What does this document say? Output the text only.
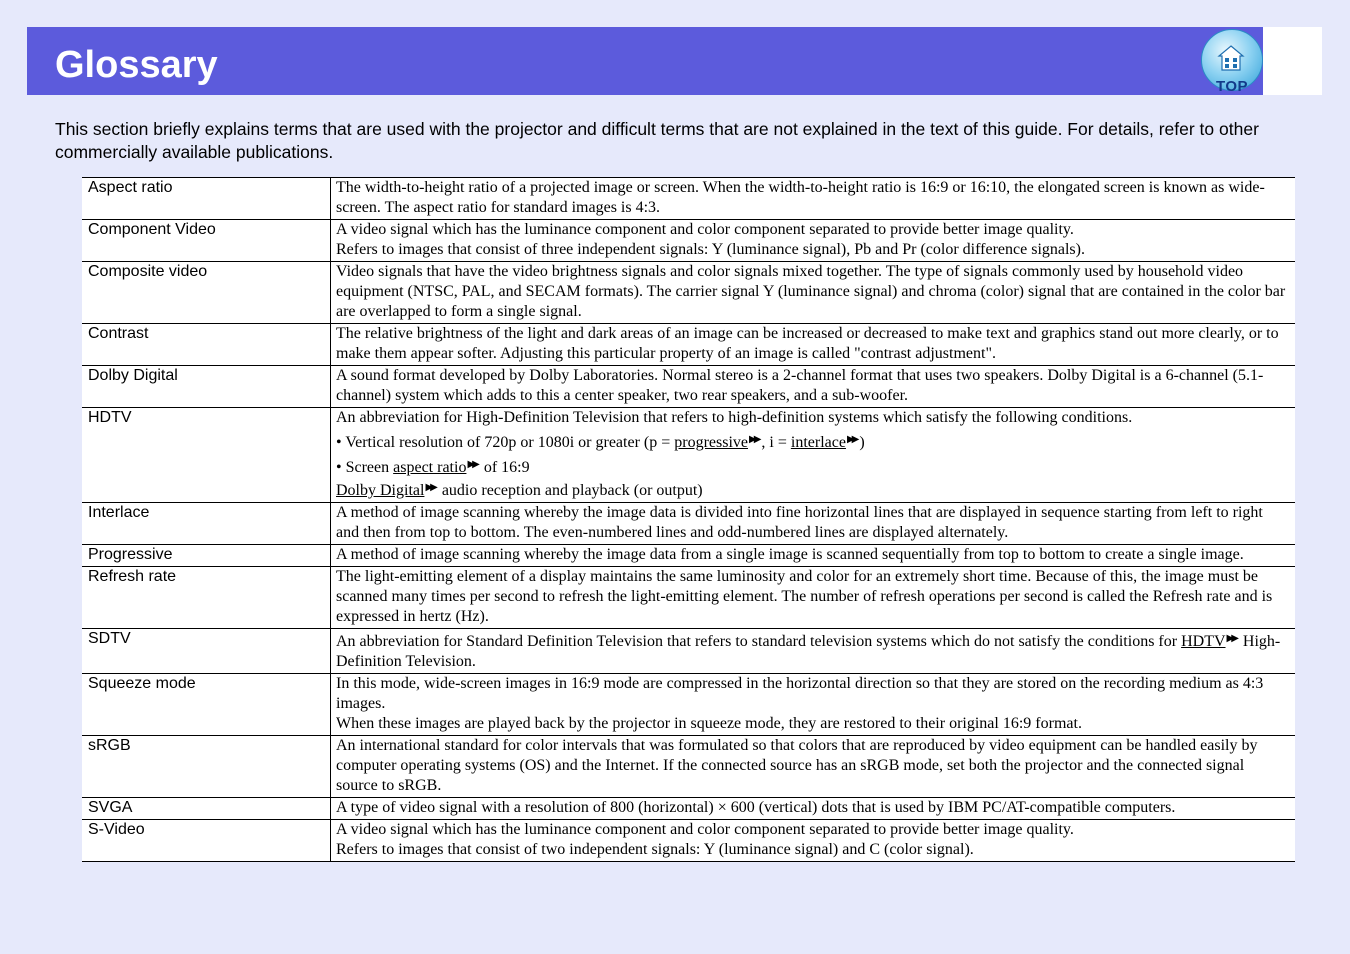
Glossary
TOP
This section briefly explains terms that are used with the projector and difficult terms that are not explained in the text of this guide. For details, refer to other commercially available publications.
Aspect ratio	The width-to-height ratio of a projected image or screen. When the width-to-height ratio is 16:9 or 16:10, the elongated screen is known as wide-screen. The aspect ratio for standard images is 4:3.

Component Video	A video signal which has the luminance component and color component separated to provide better image quality.
Refers to images that consist of three independent signals: Y (luminance signal), Pb and Pr (color difference signals).

Composite video	Video signals that have the video brightness signals and color signals mixed together. The type of signals commonly used by household video equipment (NTSC, PAL, and SECAM formats). The carrier signal Y (luminance signal) and chroma (color) signal that are contained in the color bar are overlapped to form a single signal.

Contrast	The relative brightness of the light and dark areas of an image can be increased or decreased to make text and graphics stand out more clearly, or to make them appear softer. Adjusting this particular property of an image is called "contrast adjustment".

Dolby Digital	A sound format developed by Dolby Laboratories. Normal stereo is a 2-channel format that uses two speakers. Dolby Digital is a 6-channel (5.1-channel) system which adds to this a center speaker, two rear speakers, and a sub-woofer.

HDTV	An abbreviation for High-Definition Television that refers to high-definition systems which satisfy the following conditions.
• Vertical resolution of 720p or 1080i or greater (p = progressive▶▶ , i = interlace▶▶ )
• Screen aspect ratio▶▶ of 16:9
Dolby Digital▶▶ audio reception and playback (or output)

Interlace	A method of image scanning whereby the image data is divided into fine horizontal lines that are displayed in sequence starting from left to right and then from top to bottom. The even-numbered lines and odd-numbered lines are displayed alternately.

Progressive	A method of image scanning whereby the image data from a single image is scanned sequentially from top to bottom to create a single image.

Refresh rate	The light-emitting element of a display maintains the same luminosity and color for an extremely short time. Because of this, the image must be scanned many times per second to refresh the light-emitting element. The number of refresh operations per second is called the Refresh rate and is expressed in hertz (Hz).

SDTV	An abbreviation for Standard Definition Television that refers to standard television systems which do not satisfy the conditions for HDTV▶▶ High-Definition Television.

Squeeze mode	In this mode, wide-screen images in 16:9 mode are compressed in the horizontal direction so that they are stored on the recording medium as 4:3 images.
When these images are played back by the projector in squeeze mode, they are restored to their original 16:9 format.

sRGB	An international standard for color intervals that was formulated so that colors that are reproduced by video equipment can be handled easily by computer operating systems (OS) and the Internet. If the connected source has an sRGB mode, set both the projector and the connected signal source to sRGB.

SVGA	A type of video signal with a resolution of 800 (horizontal) × 600 (vertical) dots that is used by IBM PC/AT-compatible computers.

S-Video	A video signal which has the luminance component and color component separated to provide better image quality.
Refers to images that consist of two independent signals: Y (luminance signal) and C (color signal).
